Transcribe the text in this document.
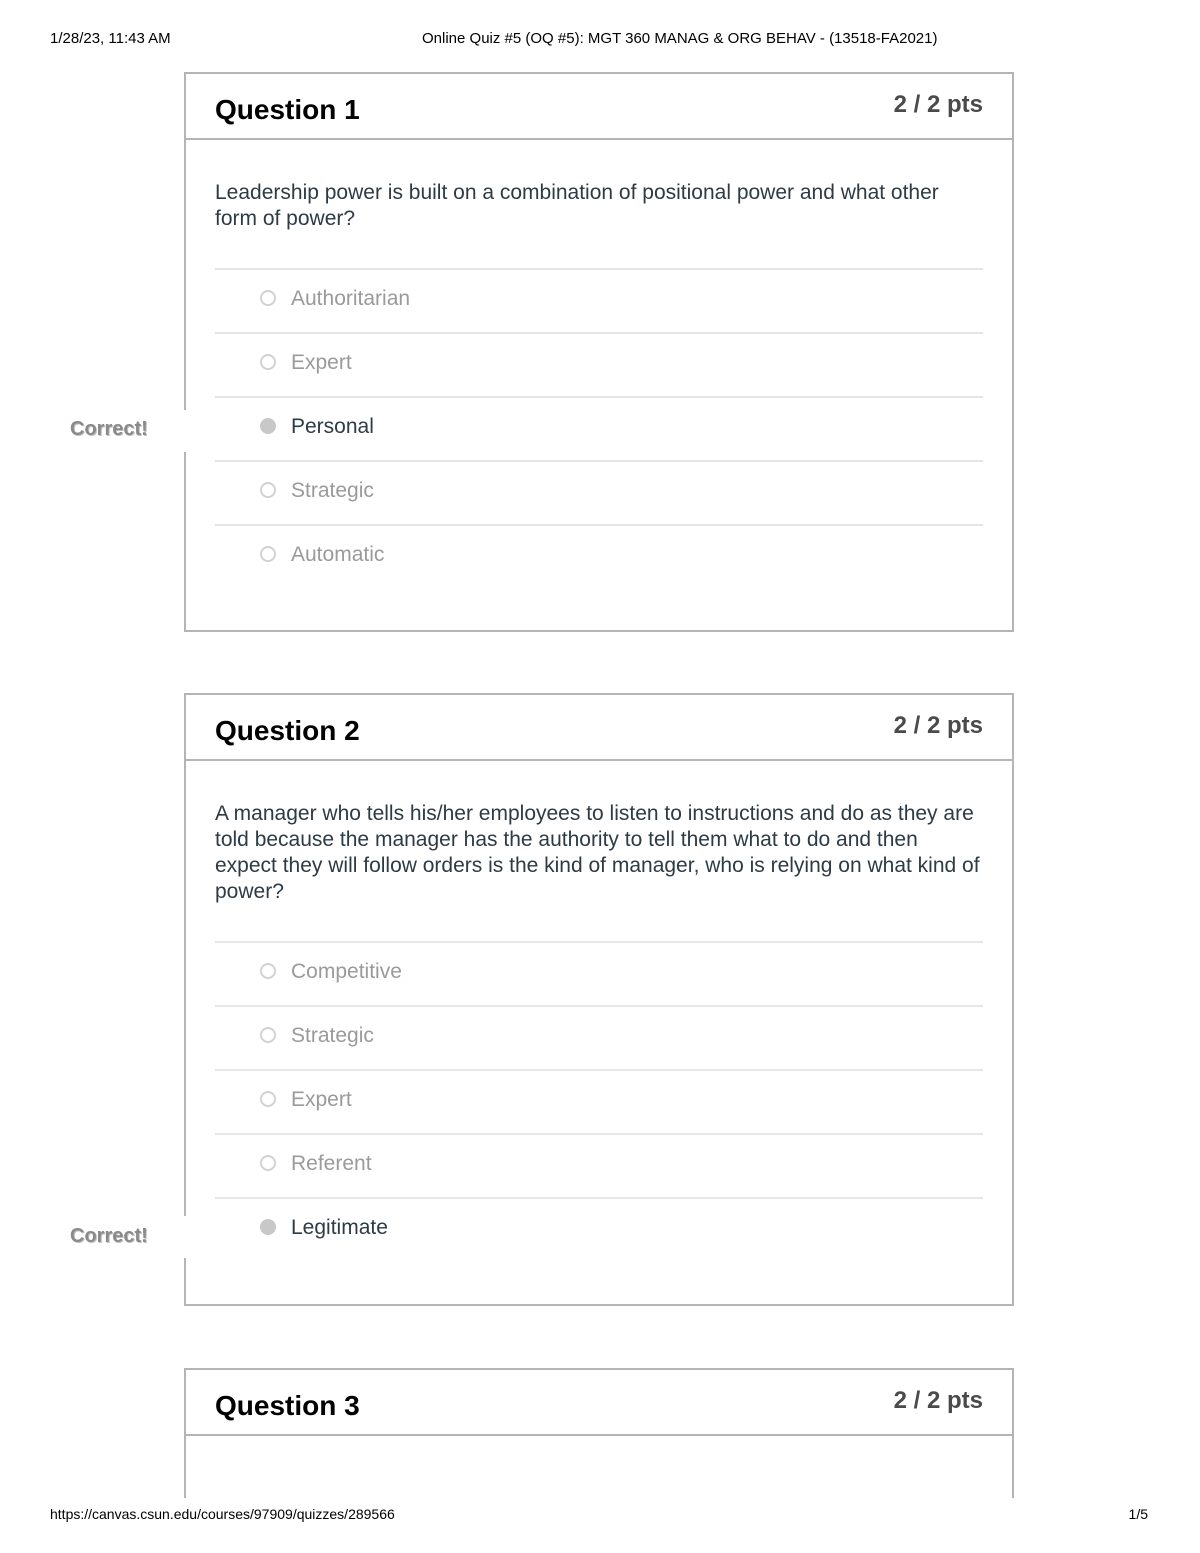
1/28/23, 11:43 AM	Online Quiz #5 (OQ #5): MGT 360 MANAG & ORG BEHAV - (13518-FA2021)
Question 1	2 / 2 pts

Leadership power is built on a combination of positional power and what other form of power?

Authoritarian
Expert
Personal
Strategic
Automatic
Correct!
Question 2	2 / 2 pts

A manager who tells his/her employees to listen to instructions and do as they are told because the manager has the authority to tell them what to do and then expect they will follow orders is the kind of manager, who is relying on what kind of power?

Competitive
Strategic
Expert
Referent
Legitimate
Correct!
Question 3	2 / 2 pts
https://canvas.csun.edu/courses/97909/quizzes/289566	1/5
